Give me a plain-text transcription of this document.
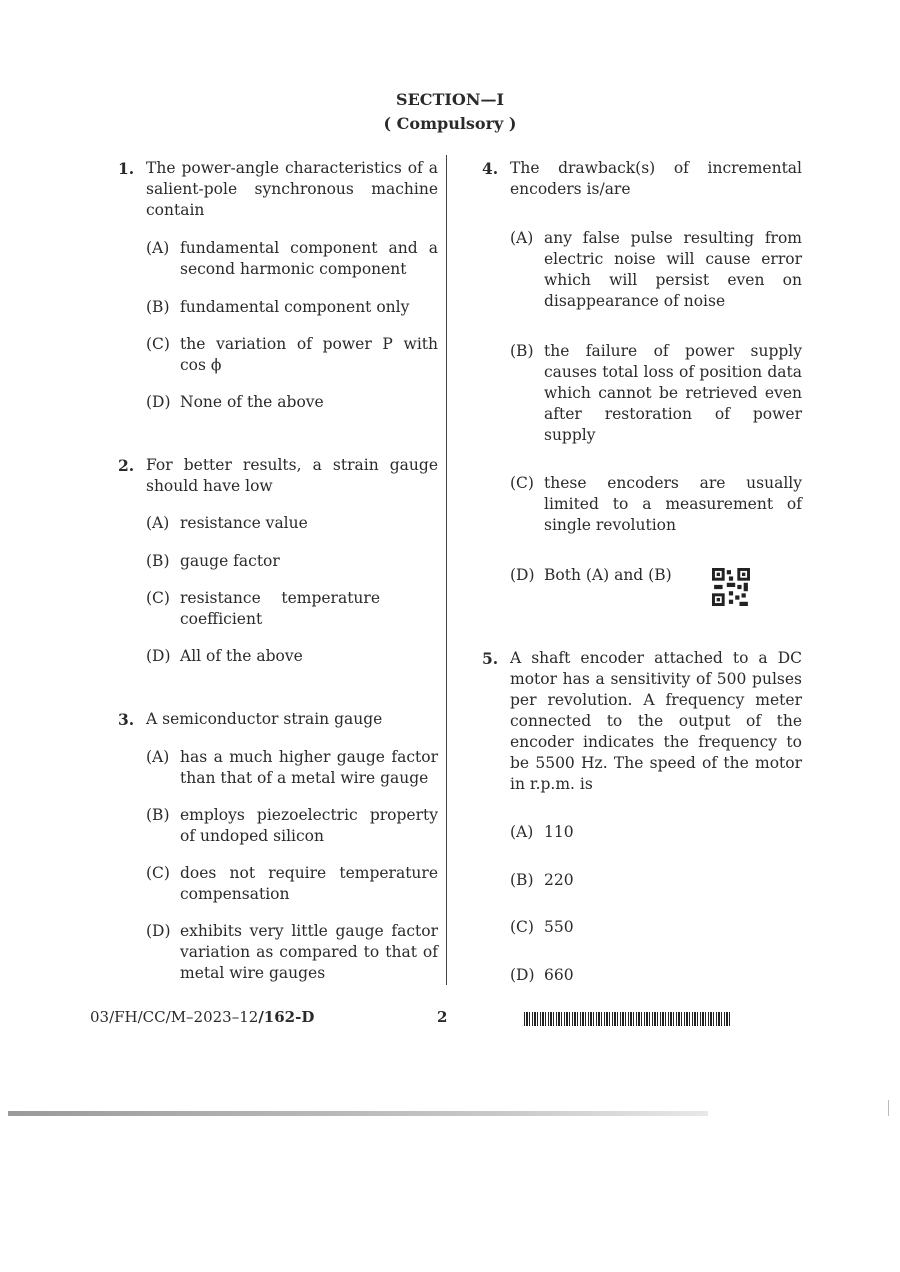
SECTION—I
( Compulsory )
1. The power-angle characteristics of a salient-pole synchronous machine contain
(A) fundamental component and a second harmonic component
(B) fundamental component only
(C) the variation of power P with cos ϕ
(D) None of the above
2. For better results, a strain gauge should have low
(A) resistance value
(B) gauge factor
(C) resistance temperature coefficient
(D) All of the above
3. A semiconductor strain gauge
(A) has a much higher gauge factor than that of a metal wire gauge
(B) employs piezoelectric property of undoped silicon
(C) does not require temperature compensation
(D) exhibits very little gauge factor variation as compared to that of metal wire gauges
4. The drawback(s) of incremental encoders is/are
(A) any false pulse resulting from electric noise will cause error which will persist even on disappearance of noise
(B) the failure of power supply causes total loss of position data which cannot be retrieved even after restoration of power supply
(C) these encoders are usually limited to a measurement of single revolution
(D) Both (A) and (B)
5. A shaft encoder attached to a DC motor has a sensitivity of 500 pulses per revolution. A frequency meter connected to the output of the encoder indicates the frequency to be 5500 Hz. The speed of the motor in r.p.m. is
(A) 110
(B) 220
(C) 550
(D) 660
03/FH/CC/M–2023–12/162-D	2
